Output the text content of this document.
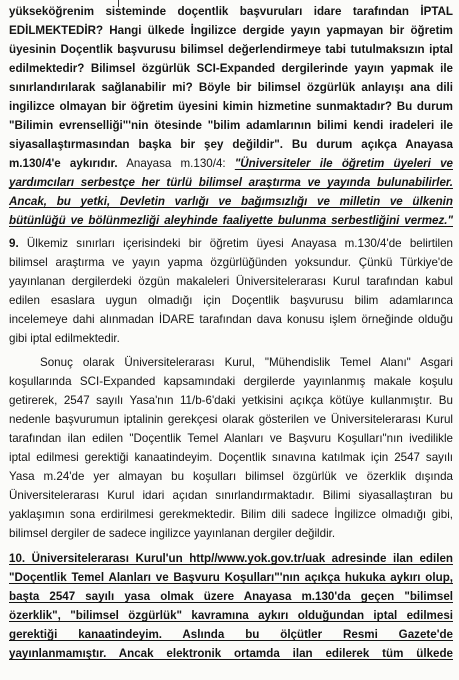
yükseköğrenim sisteminde doçentlik başvuruları idare tarafından İPTAL
EDİLMEKTEDİR? Hangi ülkede İngilizce dergide yayın yapmayan bir öğretim
üyesinin Doçentlik başvurusu bilimsel değerlendirmeye tabi tutulmaksızın iptal
edilmektedir? Bilimsel özgürlük SCI-Expanded dergilerinde yayın yapmak ile
sınırlandırılarak sağlanabilir mi? Böyle bir bilimsel özgürlük anlayışı ana dili
ingilizce olmayan bir öğretim üyesini kimin hizmetine sunmaktadır? Bu durum
"Bilimin evrenselliği"'nin ötesinde "bilim adamlarının bilimi kendi iradeleri ile
siyasallaştırmasından başka bir şey değildir". Bu durum açıkça Anayasa
m.130/4'e aykırıdır. Anayasa m.130/4: "Üniversiteler ile öğretim üyeleri ve
yardımcıları serbestçe her türlü bilimsel araştırma ve yayında bulunabilirler.
Ancak, bu yetki, Devletin varlığı ve bağımsızlığı ve milletin ve ülkenin
bütünlüğü ve bölünmezliği aleyhinde faaliyette bulunma serbestliğini vermez."
9. Ülkemiz sınırları içerisindeki bir öğretim üyesi Anayasa m.130/4'de belirtilen
bilimsel araştırma ve yayın yapma özgürlüğünden yoksundur. Çünkü Türkiye'de
yayınlanan dergilerdeki özgün makaleleri Üniversitelerarası Kurul tarafından kabul
edilen esaslara uygun olmadığı için Doçentlik başvurusu bilim adamlarınca
incelemeye dahi alınmadan İDARE tarafından dava konusu işlem örneğinde olduğu
gibi iptal edilmektedir.
Sonuç olarak Üniversitelerarası Kurul, "Mühendislik Temel Alanı" Asgari
koşullarında SCI-Expanded kapsamındaki dergilerde yayınlanmış makale koşulu
getirerek, 2547 sayılı Yasa'nın 11/b-6'daki yetkisini açıkça kötüye kullanmıştır. Bu
nedenle başvurumun iptalinin gerekçesi olarak gösterilen ve Üniversitelerarası Kurul
tarafından ilan edilen "Doçentlik Temel Alanları ve Başvuru Koşulları"nın ivedilikle
iptal edilmesi gerektiği kanaatindeyim. Doçentlik sınavına katılmak için 2547 sayılı
Yasa m.24'de yer almayan bu koşulları bilimsel özgürlük ve özerklik dışında
Üniversitelerarası Kurul idari açıdan sınırlandırmaktadır. Bilimi siyasallaştıran bu
yaklaşımın sona erdirilmesi gerekmektedir. Bilim dili sadece İngilizce olmadığı gibi,
bilimsel dergiler de sadece ingilizce yayınlanan dergiler değildir.
10. Üniversitelerarası Kurul'un http//www.yok.gov.tr/uak adresinde ilan edilen
"Doçentlik Temel Alanları ve Başvuru Koşulları"'nın açıkça hukuka aykırı olup,
başta 2547 sayılı yasa olmak üzere Anayasa m.130'da geçen "bilimsel
özerklik", "bilimsel özgürlük" kavramına aykırı olduğundan iptal edilmesi
gerektiği kanaatindeyim. Aslında bu ölçütler Resmi Gazete'de
yayınlanmamıştır. Ancak elektronik ortamda ilan edilerek tüm ülkede
